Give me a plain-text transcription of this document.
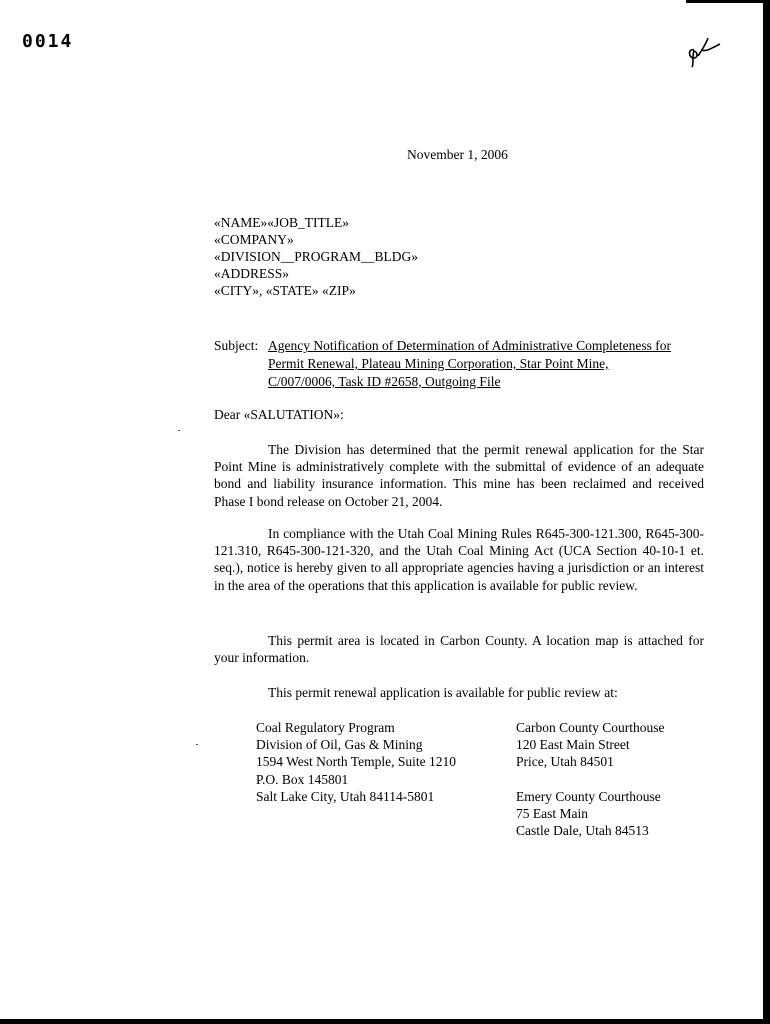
0014
November 1, 2006
«NAME»«JOB_TITLE»
«COMPANY»
«DIVISION__PROGRAM__BLDG»
«ADDRESS»
«CITY», «STATE» «ZIP»
Subject: Agency Notification of Determination of Administrative Completeness for
Permit Renewal, Plateau Mining Corporation, Star Point Mine,
C/007/0006, Task ID #2658, Outgoing File
Dear «SALUTATION»:
The Division has determined that the permit renewal application for the Star Point Mine is administratively complete with the submittal of evidence of an adequate bond and liability insurance information. This mine has been reclaimed and received Phase I bond release on October 21, 2004.
In compliance with the Utah Coal Mining Rules R645-300-121.300, R645-300-121.310, R645-300-121-320, and the Utah Coal Mining Act (UCA Section 40-10-1 et. seq.), notice is hereby given to all appropriate agencies having a jurisdiction or an interest in the area of the operations that this application is available for public review.
This permit area is located in Carbon County. A location map is attached for your information.
This permit renewal application is available for public review at:
Coal Regulatory Program
Division of Oil, Gas & Mining
1594 West North Temple, Suite 1210
P.O. Box 145801
Salt Lake City, Utah 84114-5801
Carbon County Courthouse
120 East Main Street
Price, Utah 84501
Emery County Courthouse
75 East Main
Castle Dale, Utah 84513
